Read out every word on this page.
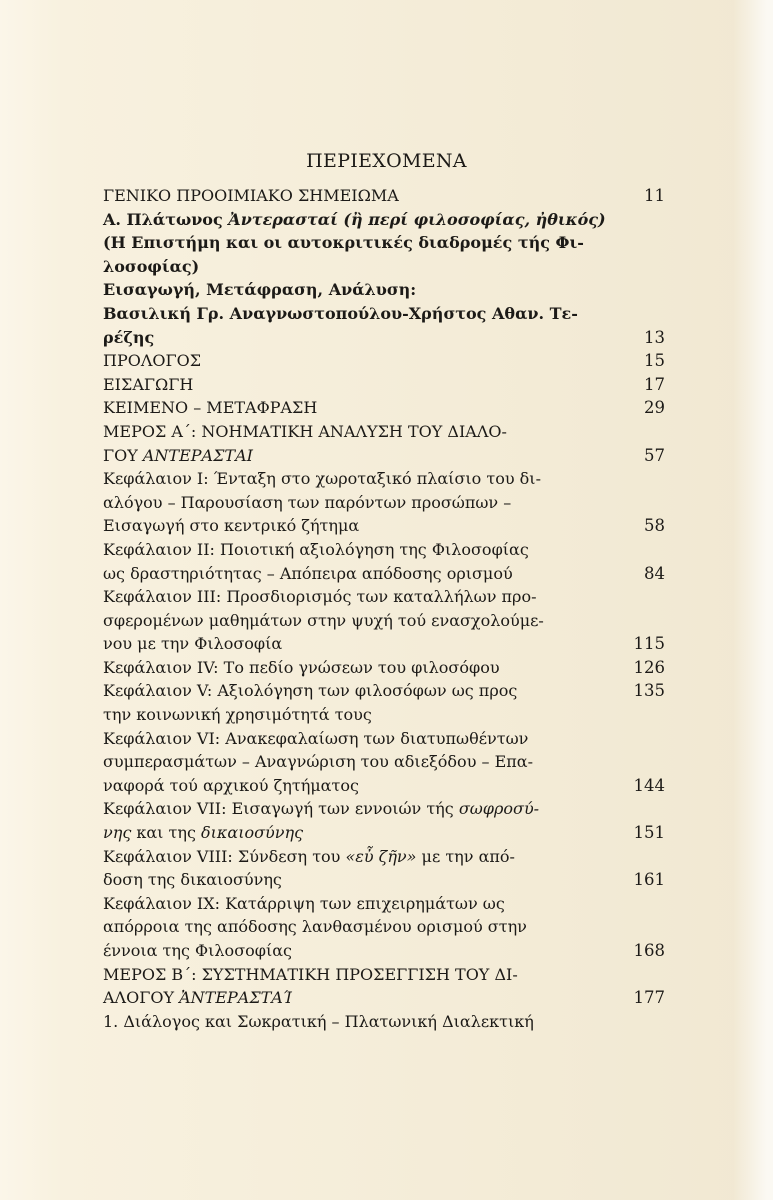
ΠΕΡΙΕΧΟΜΕΝΑ
ΓΕΝΙΚΟ ΠΡΟΟΙΜΙΑΚΟ ΣΗΜΕΙΩΜΑ	11
Α. Πλάτωνος Ἀντερασταί (ἢ περί φιλοσοφίας, ἠθικός)
(Η Επιστήμη και οι αυτοκριτικές διαδρομές τής Φι-
λοσοφίας)
Εισαγωγή, Μετάφραση, Ανάλυση:
Βασιλική Γρ. Αναγνωστοπούλου-Χρήστος Αθαν. Τε-
ρέζης	13
ΠΡΟΛΟΓΟΣ	15
ΕΙΣΑΓΩΓΗ	17
ΚΕΙΜΕΝΟ – ΜΕΤΑΦΡΑΣΗ	29
ΜΕΡΟΣ Α΄: ΝΟΗΜΑΤΙΚΗ ΑΝΑΛΥΣΗ ΤΟΥ ΔΙΑΛΟ-
ΓΟΥ ΑΝΤΕΡΑΣΤΑΙ	57
Κεφάλαιον Ι: Ένταξη στο χωροταξικό πλαίσιο του δι-
αλόγου – Παρουσίαση των παρόντων προσώπων –
Εισαγωγή στο κεντρικό ζήτημα	58
Κεφάλαιον ΙΙ: Ποιοτική αξιολόγηση της Φιλοσοφίας
ως δραστηριότητας – Απόπειρα απόδοσης ορισμού	84
Κεφάλαιον ΙΙΙ: Προσδιορισμός των καταλλήλων προ-
σφερομένων μαθημάτων στην ψυχή τού ενασχολούμε-
νου με την Φιλοσοφία	115
Κεφάλαιον IV: Το πεδίο γνώσεων του φιλοσόφου	126
Κεφάλαιον V: Αξιολόγηση των φιλοσόφων ως προς	135
την κοινωνική χρησιμότητά τους
Κεφάλαιον VI: Ανακεφαλαίωση των διατυπωθέντων
συμπερασμάτων – Αναγνώριση του αδιεξόδου – Επα-
ναφορά τού αρχικού ζητήματος	144
Κεφάλαιον VII: Εισαγωγή των εννοιών τής σωφροσύ-
νης και της δικαιοσύνης	151
Κεφάλαιον VIII: Σύνδεση του «εὖ ζῆν» με την από-
δοση της δικαιοσύνης	161
Κεφάλαιον ΙΧ: Κατάρριψη των επιχειρημάτων ως
απόρροια της απόδοσης λανθασμένου ορισμού στην
έννοια της Φιλοσοφίας	168
ΜΕΡΟΣ Β΄: ΣΥΣΤΗΜΑΤΙΚΗ ΠΡΟΣΕΓΓΙΣΗ ΤΟΥ ΔΙ-
ΑΛΟΓΟΥ ἈΝΤΕΡΑΣΤΑΊ	177
1. Διάλογος και Σωκρατική – Πλατωνική Διαλεκτική
